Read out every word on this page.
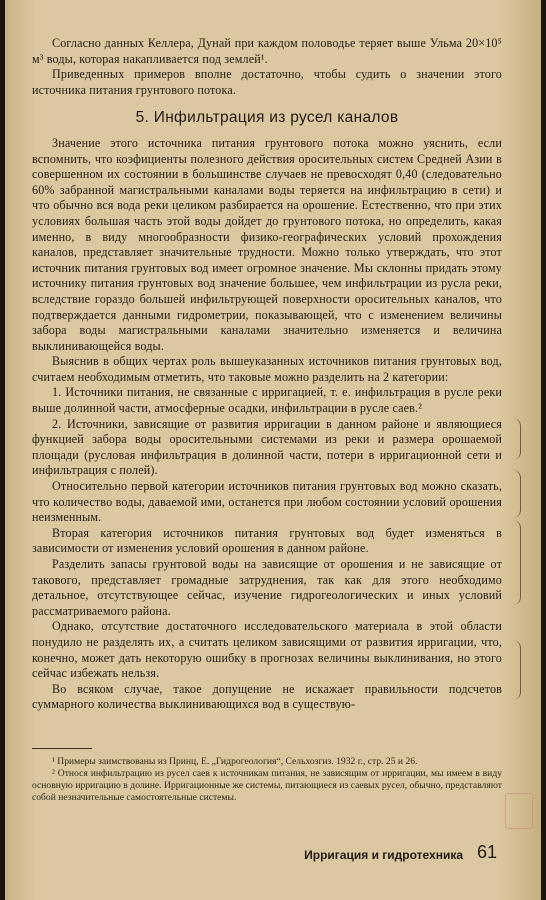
Согласно данных Келлера, Дунай при каждом половодье теряет выше Ульма 20×10⁵ м³ воды, которая накапливается под землей¹.

Приведенных примеров вполне достаточно, чтобы судить о значении этого источника питания грунтового потока.

5. Инфильтрация из русел каналов

Значение этого источника питания грунтового потока можно уяснить, если вспомнить, что коэфициенты полезного действия оросительных систем Средней Азии в совершенном их состоянии в большинстве случаев не превосходят 0,40 (следовательно 60% забранной магистральными каналами воды теряется на инфильтрацию в сети) и что обычно вся вода реки целиком разбирается на орошение. Естественно, что при этих условиях большая часть этой воды дойдет до грунтового потока, но определить, какая именно, в виду многообразности физико-географических условий прохождения каналов, представляет значительные трудности. Можно только утверждать, что этот источник питания грунтовых вод имеет огромное значение. Мы склонны придать этому источнику питания грунтовых вод значение большее, чем инфильтрации из русла реки, вследствие гораздо большей инфильтрующей поверхности оросительных каналов, что подтверждается данными гидрометрии, показывающей, что с изменением величины забора воды магистральными каналами значительно изменяется и величина выклинивающейся воды.

Выяснив в общих чертах роль вышеуказанных источников питания грунтовых вод, считаем необходимым отметить, что таковые можно разделить на 2 категории:

1. Источники питания, не связанные с ирригацией, т. е. инфильтрация в русле реки выше долинной части, атмосферные осадки, инфильтрации в русле саев.²

2. Источники, зависящие от развития ирригации в данном районе и являющиеся функцией забора воды оросительными системами из реки и размера орошаемой площади (русловая инфильтрация в долинной части, потери в ирригационной сети и инфильтрация с полей).

Относительно первой категории источников питания грунтовых вод можно сказать, что количество воды, даваемой ими, останется при любом состоянии условий орошения неизменным.

Вторая категория источников питания грунтовых вод будет изменяться в зависимости от изменения условий орошения в данном районе.

Разделить запасы грунтовой воды на зависящие от орошения и не зависящие от такового, представляет громадные затруднения, так как для этого необходимо детальное, отсутствующее сейчас, изучение гидрогеологических и иных условий рассматриваемого района.

Однако, отсутствие достаточного исследовательского материала в этой области понудило не разделять их, а считать целиком зависящими от развития ирригации, что, конечно, может дать некоторую ошибку в прогнозах величины выклинивания, но этого сейчас избежать нельзя.

Во всяком случае, такое допущение не искажает правильности подсчетов суммарного количества выклинивающихся вод в существую-

¹ Примеры заимствованы из Принц, Е. „Гидрогеология“, Сельхозгиз. 1932 г., стр. 25 и 26.

² Относя инфильтрацию из русел саев к источникам питания, не зависящим от ирригации, мы имеем в виду основную ирригацию в долине. Ирригационные же системы, питающиеся из саевых русел, обычно, представляют собой незначительные самостоятельные системы.

Ирригация и гидротехника 61
